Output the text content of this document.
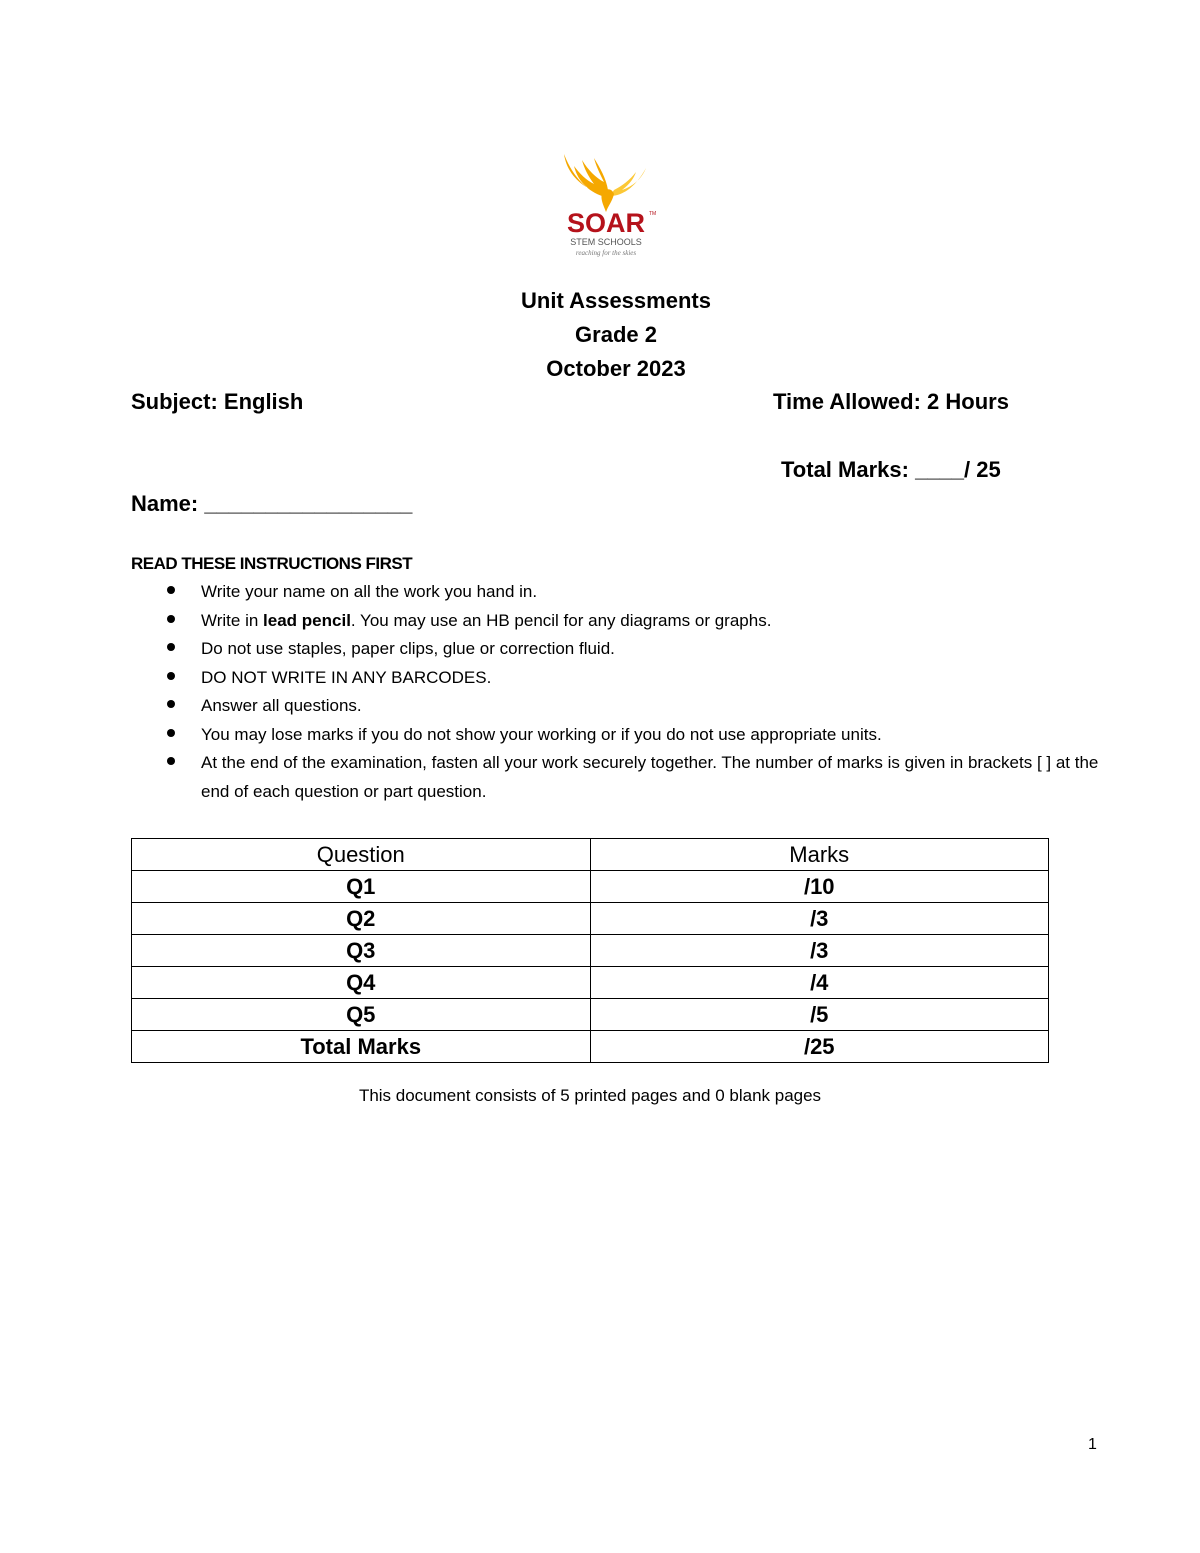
SOAR TM
STEM SCHOOLS
reaching for the skies
Unit Assessments
Grade 2
October 2023
Subject: English	Time Allowed: 2 Hours
Total Marks: ____/ 25
Name: _________________
READ THESE INSTRUCTIONS FIRST
Write your name on all the work you hand in.
Write in lead pencil. You may use an HB pencil for any diagrams or graphs.
Do not use staples, paper clips, glue or correction fluid.
DO NOT WRITE IN ANY BARCODES.
Answer all questions.
You may lose marks if you do not show your working or if you do not use appropriate units.
At the end of the examination, fasten all your work securely together. The number of marks is given in brackets [ ] at the end of each question or part question.
Question	Marks
Q1	/10
Q2	/3
Q3	/3
Q4	/4
Q5	/5
Total Marks	/25
This document consists of 5 printed pages and 0 blank pages
1
